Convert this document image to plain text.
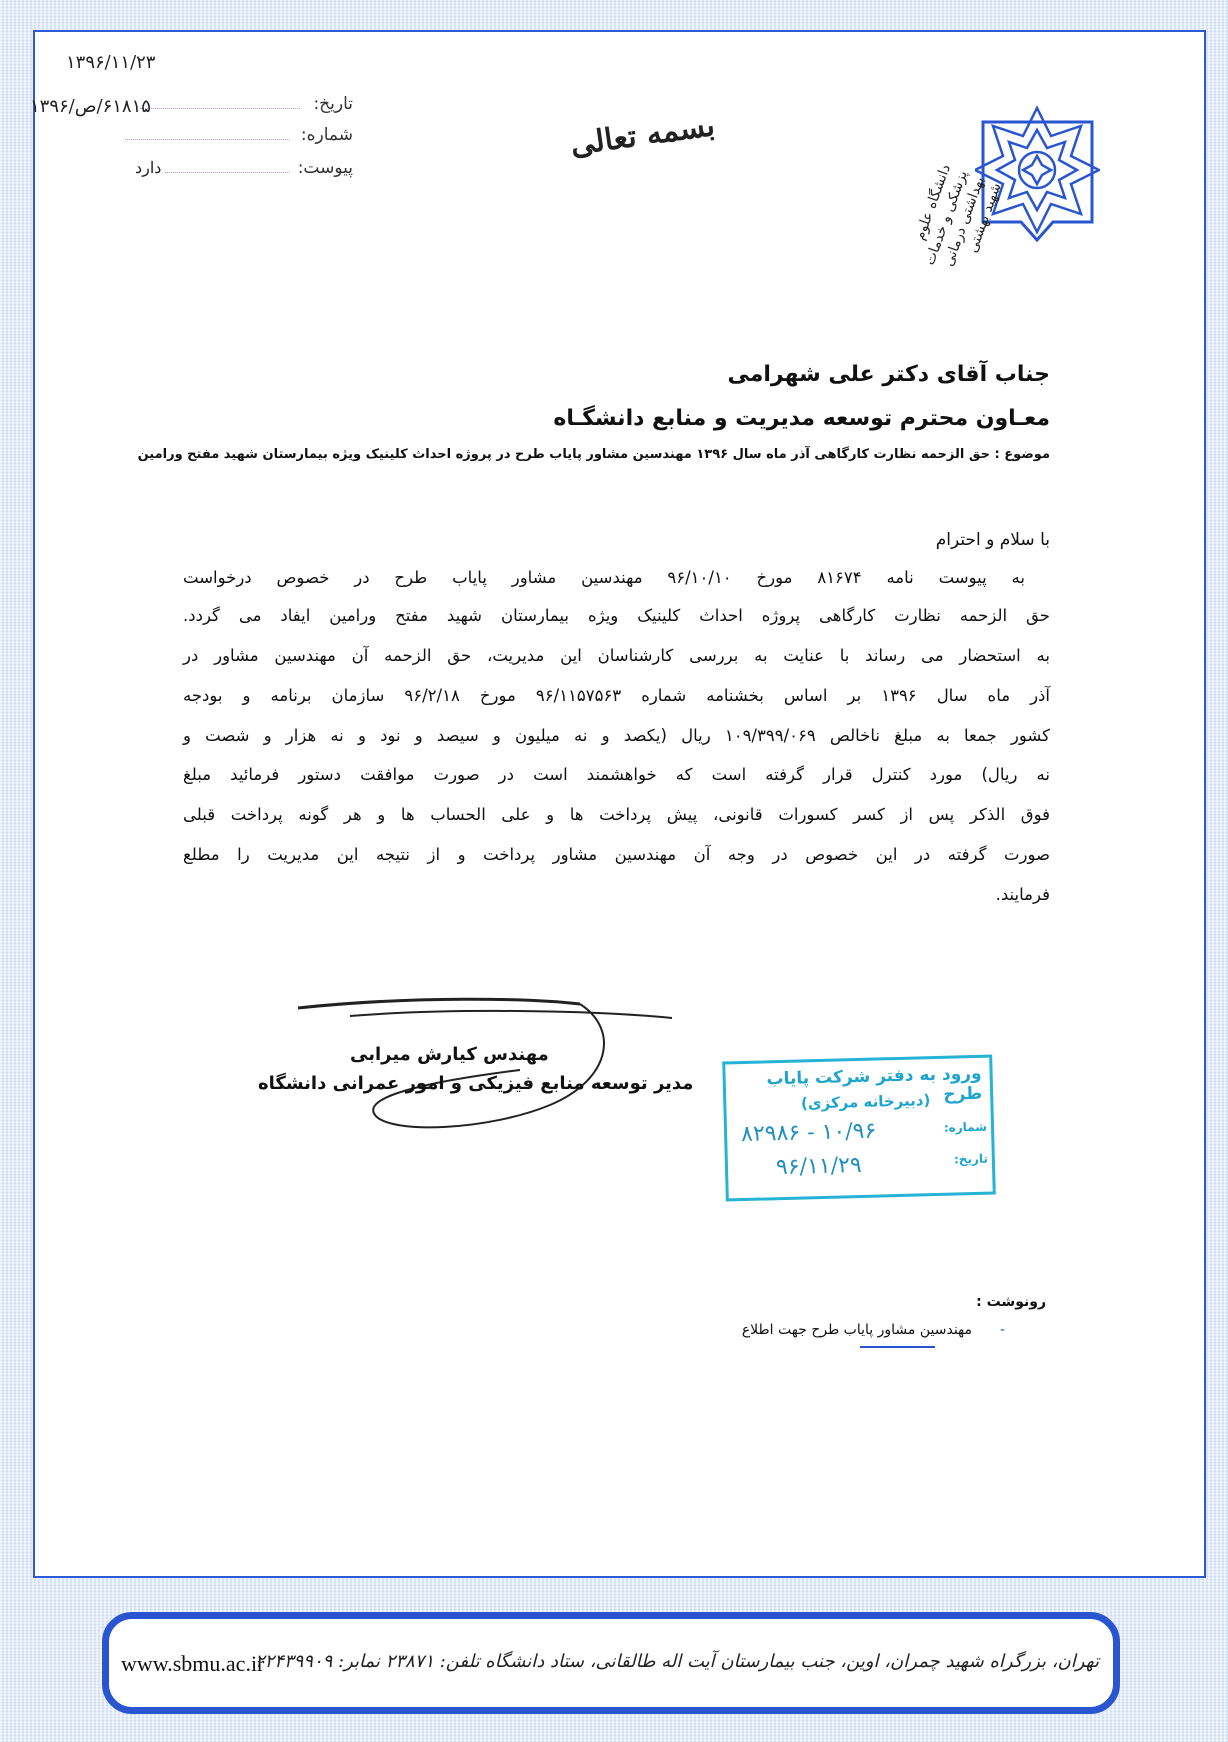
۱۳۹۶/۱۱/۲۳
تاریخ:
۶۱۸۱۵/ص/۱۳۹۶
شماره:
پیوست:
دارد
بسمه تعالی
دانشگاه علوم پزشکی و خدمات بهداشتی درمانی شهید بهشتی
جناب آقای دکتر علی شهرامی
معـاون محترم توسعه مدیریت و منابع دانشگـاه
موضوع : حق الزحمه نظارت کارگاهی آذر ماه سال ۱۳۹۶ مهندسین مشاور پایاب طرح در پروژه احداث کلینیک ویژه بیمارستان شهید مفتح ورامین
با سلام و احترام
به پیوست نامه ۸۱۶۷۴ مورخ ۹۶/۱۰/۱۰ مهندسین مشاور پایاب طرح در خصوص درخواست
حق الزحمه نظارت کارگاهی پروژه احداث کلینیک ویژه بیمارستان شهید مفتح ورامین ایفاد می گردد.
به استحضار می رساند با عنایت به بررسی کارشناسان این مدیریت، حق الزحمه آن مهندسین مشاور در
آذر ماه سال ۱۳۹۶ بر اساس بخشنامه شماره ۹۶/۱۱۵۷۵۶۳ مورخ ۹۶/۲/۱۸ سازمان برنامه و بودجه
کشور جمعا به مبلغ ناخالص ۱۰۹/۳۹۹/۰۶۹ ریال (یکصد و نه میلیون و سیصد و نود و نه هزار و شصت و
نه ریال) مورد کنترل قرار گرفته است که خواهشمند است در صورت موافقت دستور فرمائید مبلغ
فوق الذکر پس از کسر کسورات قانونی، پیش پرداخت ها و علی الحساب ها و هر گونه پرداخت قبلی
صورت گرفته در این خصوص در وجه آن مهندسین مشاور پرداخت و از نتیجه این مدیریت را مطلع
فرمایند.
مهندس کیارش میرابی
مدیر توسعه منابع فیزیکی و امور عمرانی دانشگاه	ورود به دفتر شرکت پایاب طرح
(دبیرخانه مرکزی)
شماره:
۸۲۹۸۶ - ۱۰/۹۶
تاریخ:
۹۶/۱۱/۲۹
رونوشت :
-
مهندسین مشاور پایاب طرح جهت اطلاع
www.sbmu.ac.ir
تهران، بزرگراه شهید چمران، اوین، جنب بیمارستان آیت اله طالقانی، ستاد دانشگاه تلفن: ۲۳۸۷۱ نمابر: ۲۲۴۳۹۹۰۹
